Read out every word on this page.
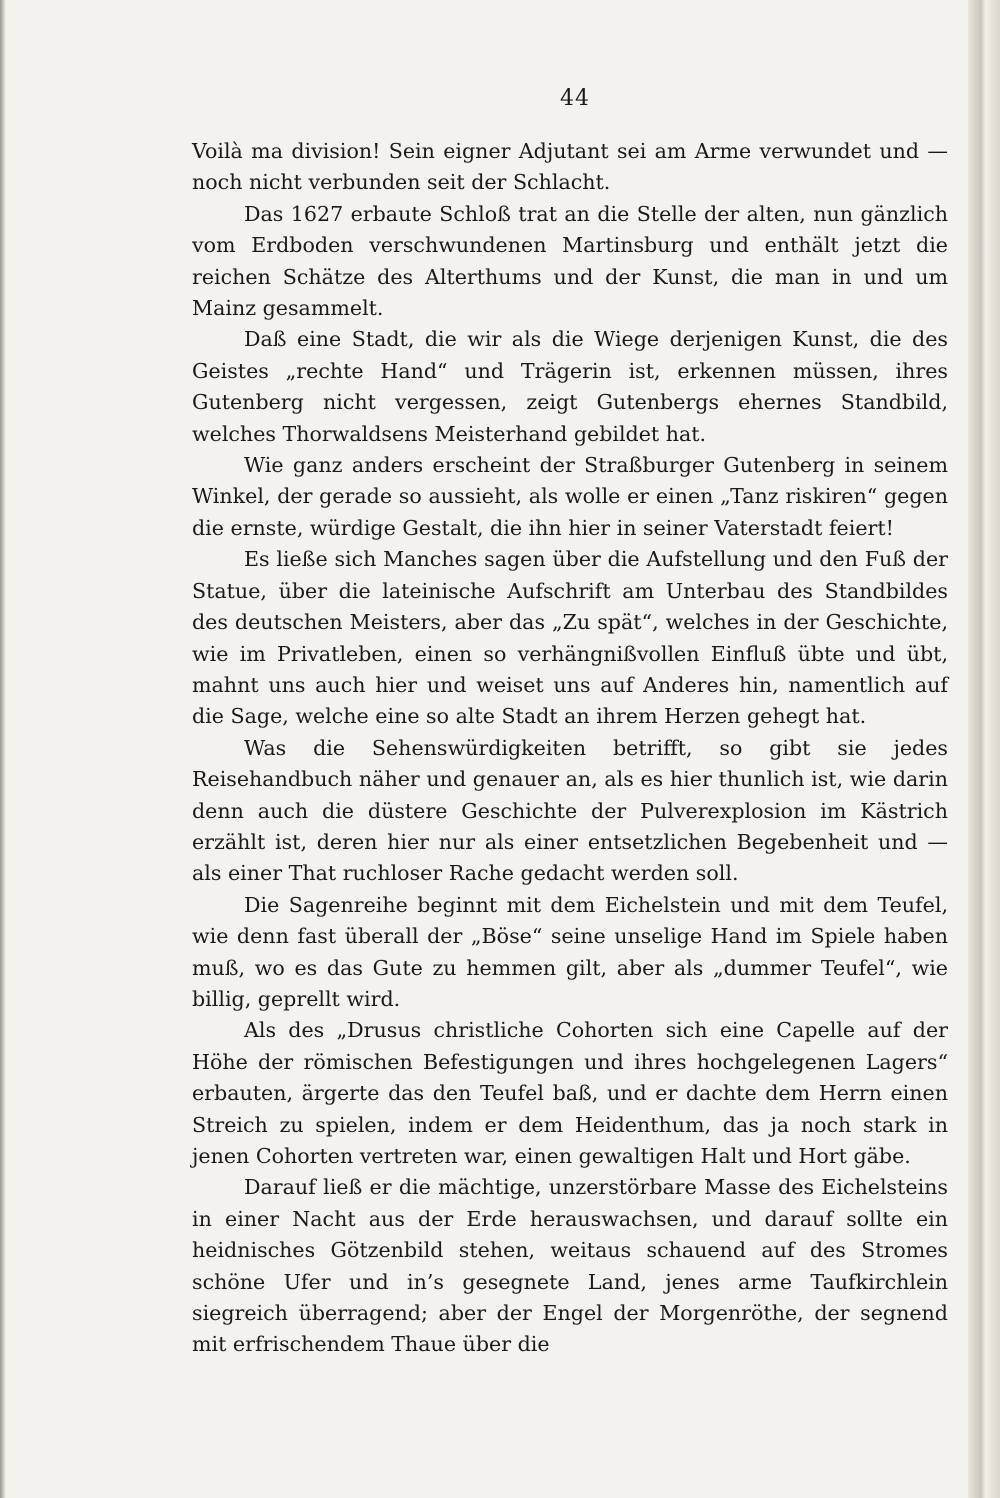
44

Voilà ma division! Sein eigner Adjutant sei am Arme verwundet und — noch nicht verbunden seit der Schlacht.

Das 1627 erbaute Schloß trat an die Stelle der alten, nun gänzlich vom Erdboden verschwundenen Martinsburg und enthält jetzt die reichen Schätze des Alterthums und der Kunst, die man in und um Mainz gesammelt.

Daß eine Stadt, die wir als die Wiege derjenigen Kunst, die des Geistes „rechte Hand“ und Trägerin ist, erkennen müssen, ihres Gutenberg nicht vergessen, zeigt Gutenbergs ehernes Standbild, welches Thorwaldsens Meisterhand gebildet hat.

Wie ganz anders erscheint der Straßburger Gutenberg in seinem Winkel, der gerade so aussieht, als wolle er einen „Tanz riskiren“ gegen die ernste, würdige Gestalt, die ihn hier in seiner Vaterstadt feiert!

Es ließe sich Manches sagen über die Aufstellung und den Fuß der Statue, über die lateinische Aufschrift am Unterbau des Standbildes des deutschen Meisters, aber das „Zu spät“, welches in der Geschichte, wie im Privatleben, einen so verhängnißvollen Einfluß übte und übt, mahnt uns auch hier und weiset uns auf Anderes hin, namentlich auf die Sage, welche eine so alte Stadt an ihrem Herzen gehegt hat.

Was die Sehenswürdigkeiten betrifft, so gibt sie jedes Reisehandbuch näher und genauer an, als es hier thunlich ist, wie darin denn auch die düstere Geschichte der Pulverexplosion im Kästrich erzählt ist, deren hier nur als einer entsetzlichen Begebenheit und — als einer That ruchloser Rache gedacht werden soll.

Die Sagenreihe beginnt mit dem Eichelstein und mit dem Teufel, wie denn fast überall der „Böse“ seine unselige Hand im Spiele haben muß, wo es das Gute zu hemmen gilt, aber als „dummer Teufel“, wie billig, geprellt wird.

Als des „Drusus christliche Cohorten sich eine Capelle auf der Höhe der römischen Befestigungen und ihres hochgelegenen Lagers“ erbauten, ärgerte das den Teufel baß, und er dachte dem Herrn einen Streich zu spielen, indem er dem Heidenthum, das ja noch stark in jenen Cohorten vertreten war, einen gewaltigen Halt und Hort gäbe.

Darauf ließ er die mächtige, unzerstörbare Masse des Eichelsteins in einer Nacht aus der Erde herauswachsen, und darauf sollte ein heidnisches Götzenbild stehen, weitaus schauend auf des Stromes schöne Ufer und in’s gesegnete Land, jenes arme Taufkirchlein siegreich überragend; aber der Engel der Morgenröthe, der segnend mit erfrischendem Thaue über die
